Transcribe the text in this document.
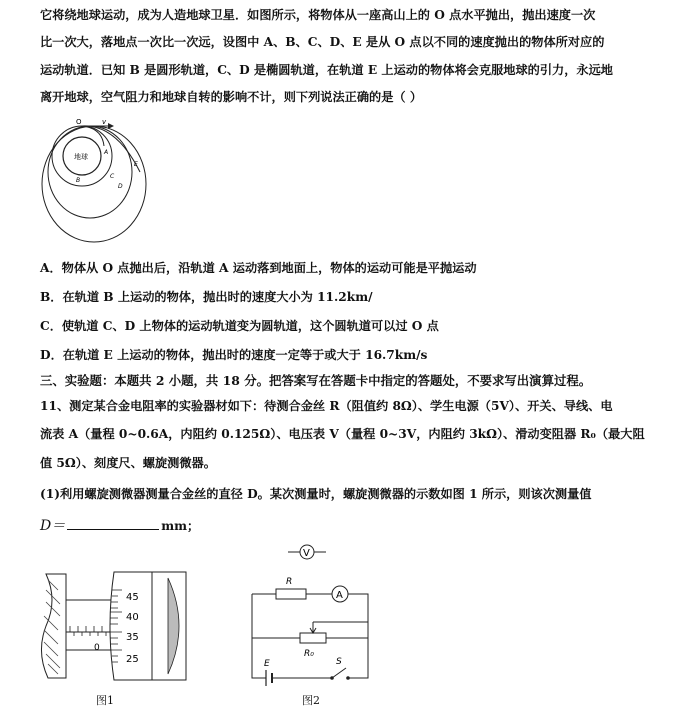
它将绕地球运动，成为人造地球卫星．如图所示，将物体从一座高山上的 O 点水平抛出，抛出速度一次
比一次大，落地点一次比一次远，设图中 A、B、C、D、E 是从 O 点以不同的速度抛出的物体所对应的
运动轨道．已知 B 是圆形轨道，C、D 是椭圆轨道，在轨道 E 上运动的物体将会克服地球的引力，永远地
离开地球，空气阻力和地球自转的影响不计，则下列说法正确的是（ ）
地球
O	v
A
B
C
D
E
A．物体从 O 点抛出后，沿轨道 A 运动落到地面上，物体的运动可能是平抛运动
B．在轨道 B 上运动的物体，抛出时的速度大小为 11.2km/
C．使轨道 C、D 上物体的运动轨道变为圆轨道，这个圆轨道可以过 O 点
D．在轨道 E 上运动的物体，抛出时的速度一定等于或大于 16.7km/s
三、实验题：本题共 2 小题，共 18 分。把答案写在答题卡中指定的答题处，不要求写出演算过程。
11、测定某合金电阻率的实验器材如下：待测合金丝 R（阻值约 8Ω）、学生电源（5V）、开关、导线、电
流表 A（量程 0~0.6A，内阻约 0.125Ω）、电压表 V（量程 0~3V，内阻约 3kΩ）、滑动变阻器 R₀（最大阻
值 5Ω）、刻度尺、螺旋测微器。
(1)利用螺旋测微器测量合金丝的直径 D。某次测量时，螺旋测微器的示数如图 1 所示，则该次测量值
D＝	mm；
0
45
40
35
25
图1
V
R
A
R₀
E	S
图2
